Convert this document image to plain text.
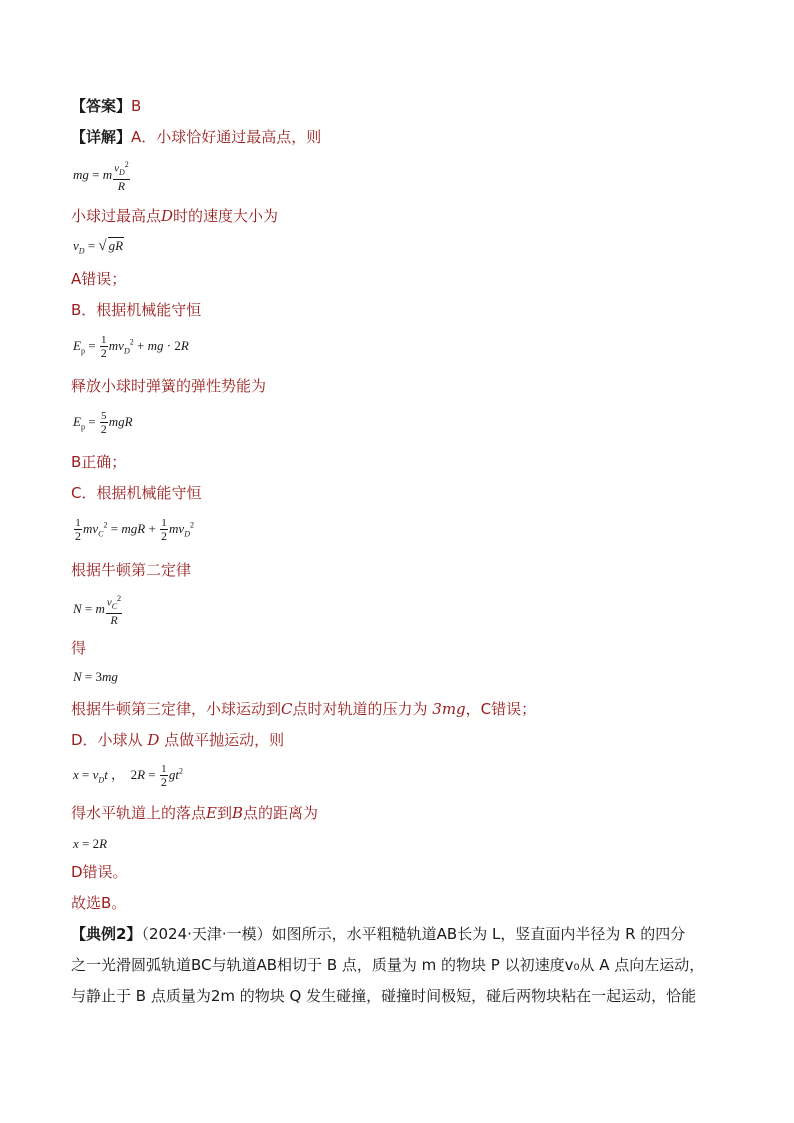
【答案】B
【详解】A．小球恰好通过最高点，则
mg = m $\frac{v_D^2}{R}$
小球过最高点D时的速度大小为
$v_D$ = √ gR
A错误；
B．根据机械能守恒
$E_p = \frac{1}{2} mv_D^2$ + mg · 2R
释放小球时弹簧的弹性势能为
$E_p = \frac{5}{2}$ mgR
B正确；
C．根据机械能守恒
$\frac{1}{2} mv_C^2$ = mgR + $\frac{1}{2} mv_D^2$
根据牛顿第二定律
N = m $\frac{v_C^2}{R}$
得
N = 3mg
根据牛顿第三定律，小球运动到C点时对轨道的压力为 3mg，C错误；
D．小球从 D 点做平抛运动，则
$x = v_Dt$ ，  $2R = \frac{1}{2} gt^2$
得水平轨道上的落点E到B点的距离为
x = 2R
D错误。
故选B。
【典例2】（2024·天津·一模）如图所示，水平粗糙轨道AB长为 L，竖直面内半径为 R 的四分
之一光滑圆弧轨道BC与轨道AB相切于 B 点，质量为 m 的物块 P 以初速度v₀从 A 点向左运动，
与静止于 B 点质量为2m 的物块 Q 发生碰撞，碰撞时间极短，碰后两物块粘在一起运动，恰能
